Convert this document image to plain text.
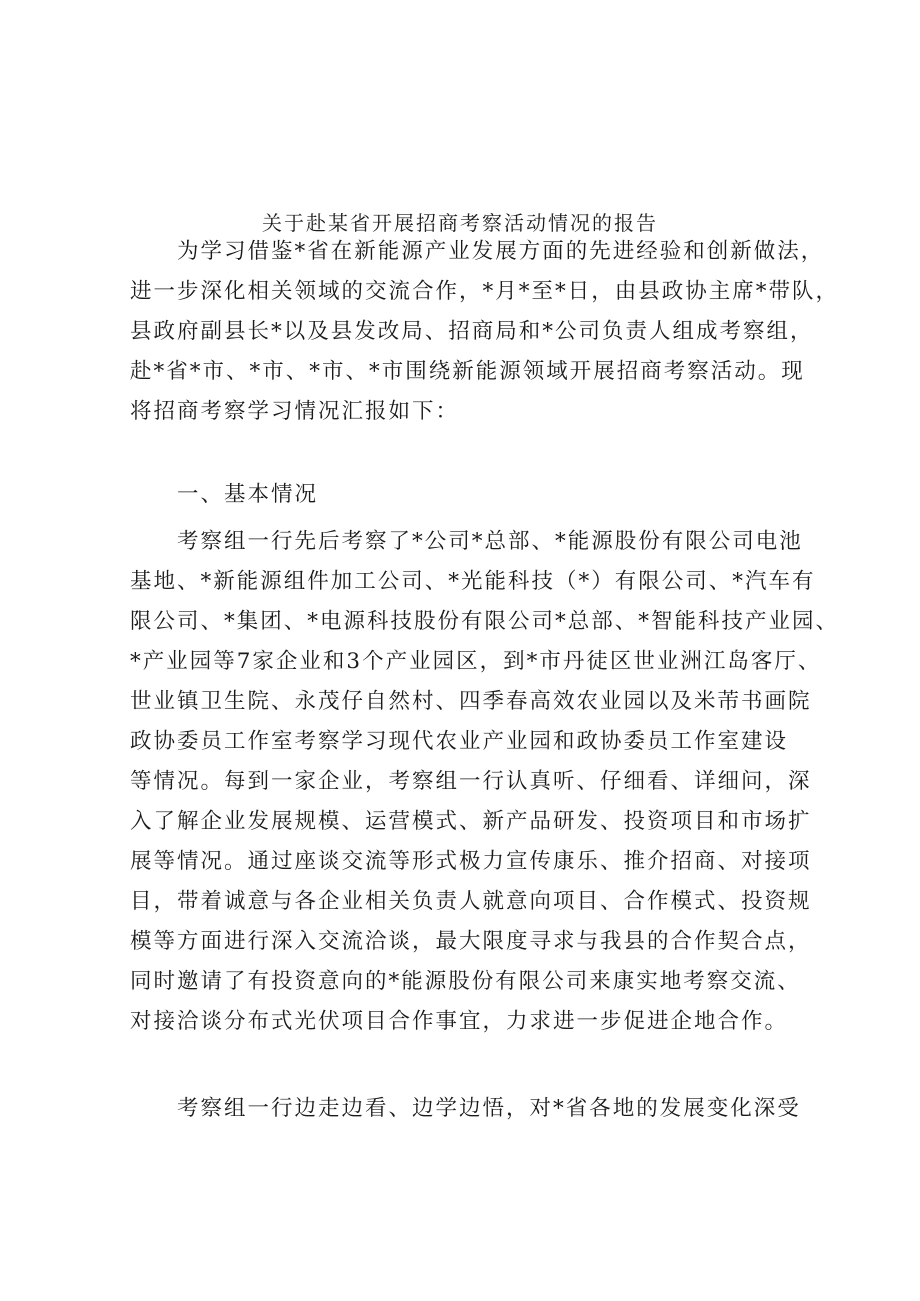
关于赴某省开展招商考察活动情况的报告
　　为学习借鉴*省在新能源产业发展方面的先进经验和创新做法，
进一步深化相关领域的交流合作，*月*至*日，由县政协主席*带队，
县政府副县长*以及县发改局、招商局和*公司负责人组成考察组，
赴*省*市、*市、*市、*市围绕新能源领域开展招商考察活动。现
将招商考察学习情况汇报如下：
　　一、基本情况
　　考察组一行先后考察了*公司*总部、*能源股份有限公司电池
基地、*新能源组件加工公司、*光能科技（*）有限公司、*汽车有
限公司、*集团、*电源科技股份有限公司*总部、*智能科技产业园、
*产业园等7家企业和3个产业园区，到*市丹徒区世业洲江岛客厅、
世业镇卫生院、永茂仔自然村、四季春高效农业园以及米芾书画院
政协委员工作室考察学习现代农业产业园和政协委员工作室建设
等情况。每到一家企业，考察组一行认真听、仔细看、详细问，深
入了解企业发展规模、运营模式、新产品研发、投资项目和市场扩
展等情况。通过座谈交流等形式极力宣传康乐、推介招商、对接项
目，带着诚意与各企业相关负责人就意向项目、合作模式、投资规
模等方面进行深入交流洽谈，最大限度寻求与我县的合作契合点，
同时邀请了有投资意向的*能源股份有限公司来康实地考察交流、
对接洽谈分布式光伏项目合作事宜，力求进一步促进企地合作。
　　考察组一行边走边看、边学边悟，对*省各地的发展变化深受
